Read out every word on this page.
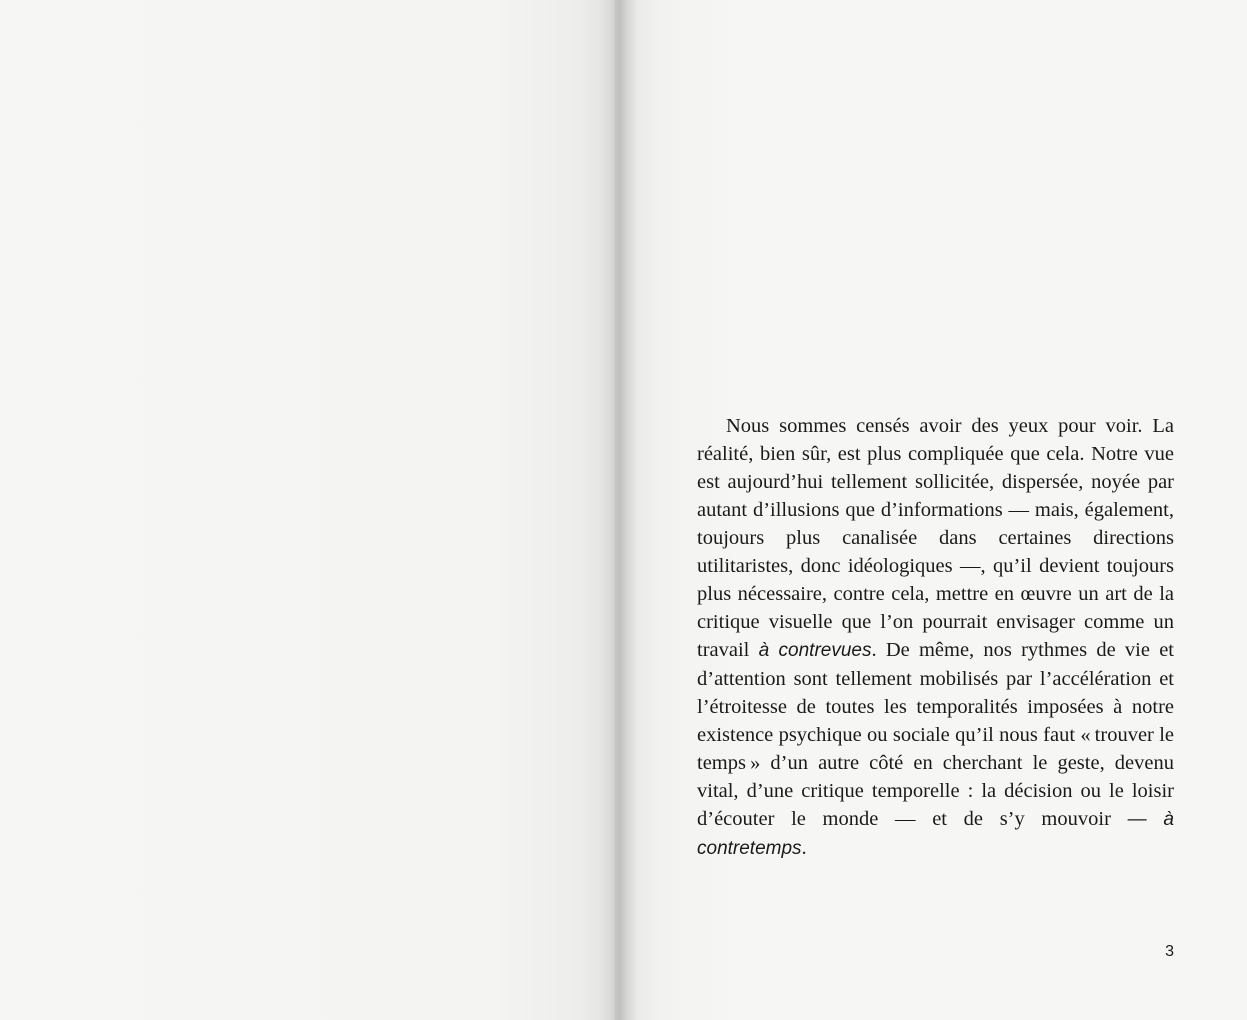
Nous sommes censés avoir des yeux pour voir. La réalité, bien sûr, est plus compliquée que cela. Notre vue est aujourd’hui tellement sollicitée, dispersée, noyée par autant d’illusions que d’informations — mais, également, toujours plus canalisée dans certaines directions utilitaristes, donc idéologiques —, qu’il devient toujours plus nécessaire, contre cela, mettre en œuvre un art de la critique visuelle que l’on pourrait envisager comme un travail à contrevues. De même, nos rythmes de vie et d’attention sont tellement mobilisés par l’accélération et l’étroitesse de toutes les temporalités imposées à notre existence psychique ou sociale qu’il nous faut « trouver le temps » d’un autre côté en cherchant le geste, devenu vital, d’une critique temporelle : la décision ou le loisir d’écouter le monde — et de s’y mouvoir — à contretemps.

3
